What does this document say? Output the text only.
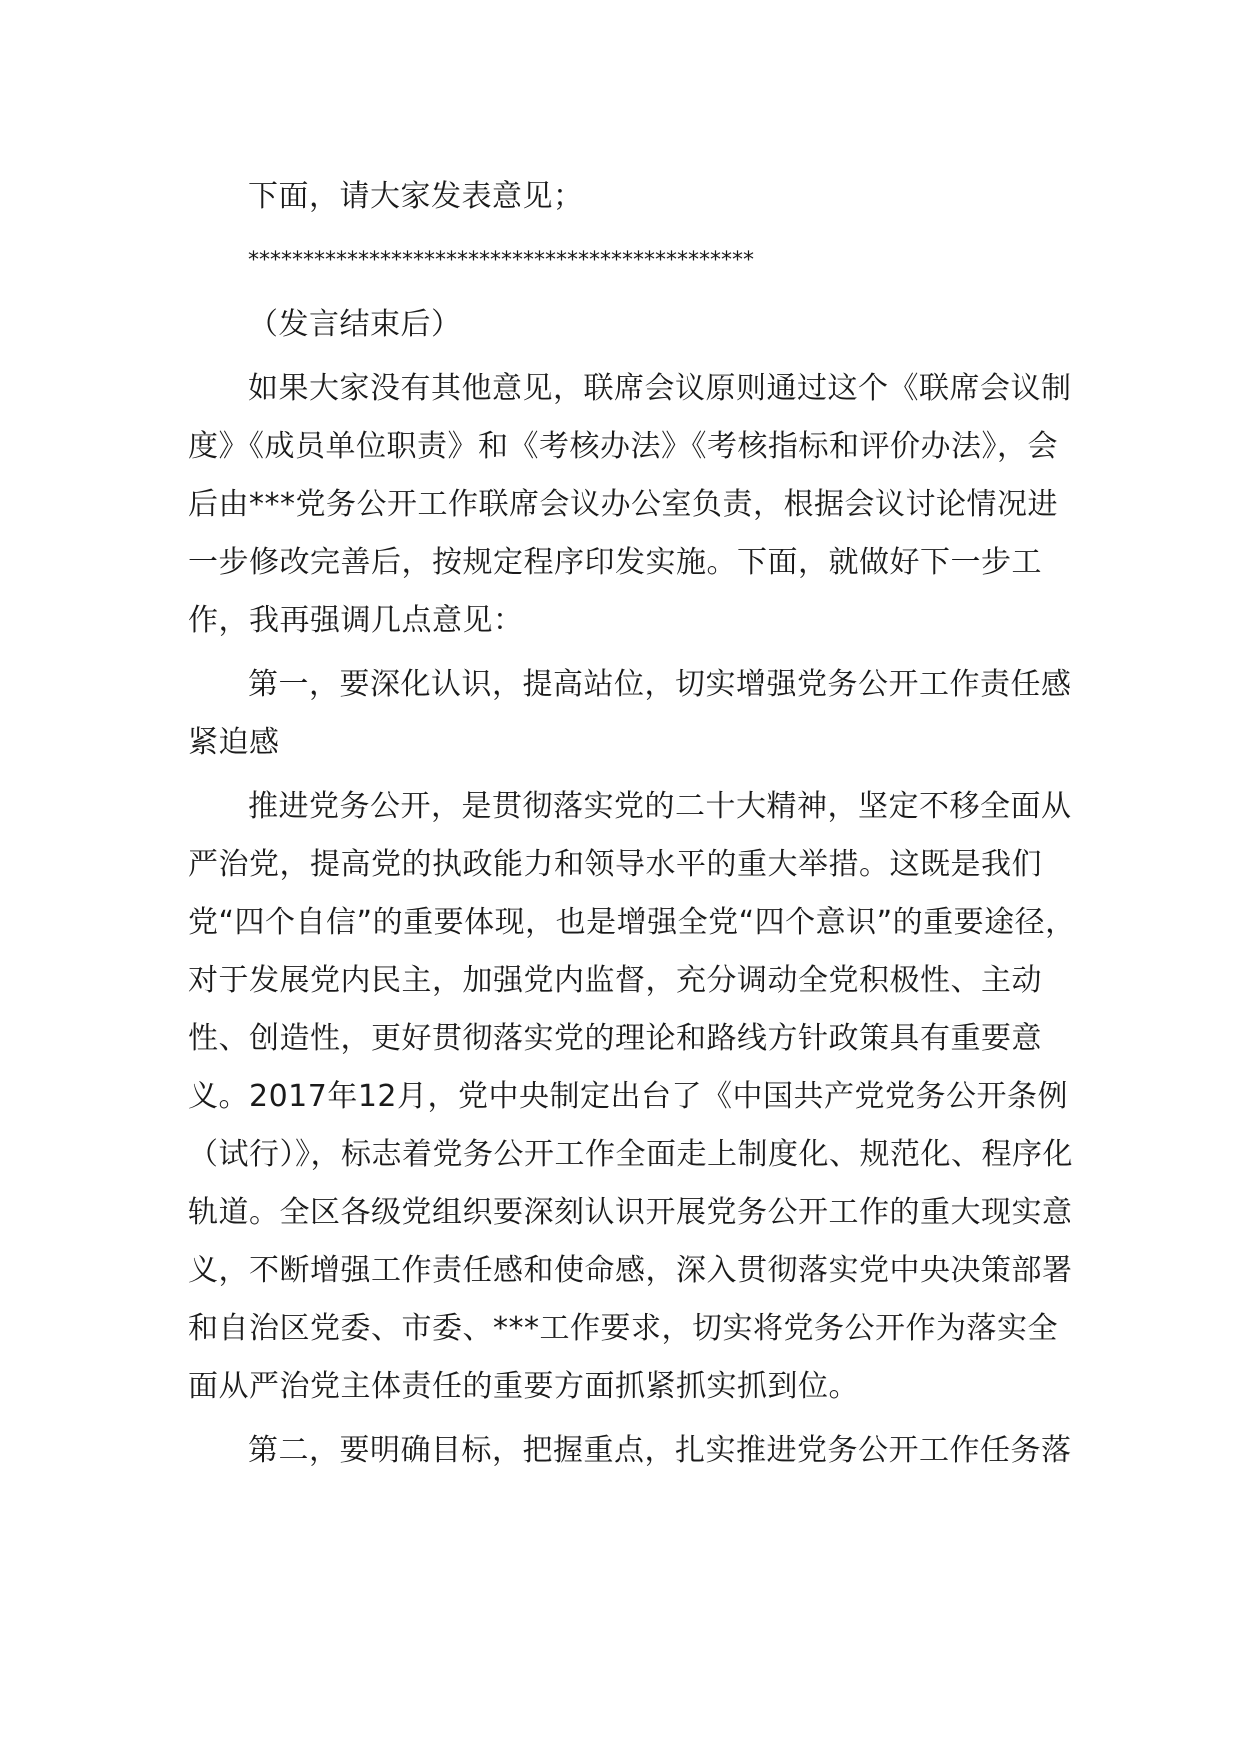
下面，请大家发表意见；

**********************************************

（发言结束后）

如果大家没有其他意见，联席会议原则通过这个《联席会议制度》《成员单位职责》和《考核办法》《考核指标和评价办法》，会后由***党务公开工作联席会议办公室负责，根据会议讨论情况进一步修改完善后，按规定程序印发实施。下面，就做好下一步工作，我再强调几点意见：

第一，要深化认识，提高站位，切实增强党务公开工作责任感紧迫感

推进党务公开，是贯彻落实党的二十大精神，坚定不移全面从严治党，提高党的执政能力和领导水平的重大举措。这既是我们党“四个自信”的重要体现，也是增强全党“四个意识”的重要途径，对于发展党内民主，加强党内监督，充分调动全党积极性、主动性、创造性，更好贯彻落实党的理论和路线方针政策具有重要意义。2017年12月，党中央制定出台了《中国共产党党务公开条例（试行）》，标志着党务公开工作全面走上制度化、规范化、程序化轨道。全区各级党组织要深刻认识开展党务公开工作的重大现实意义，不断增强工作责任感和使命感，深入贯彻落实党中央决策部署和自治区党委、市委、***工作要求，切实将党务公开作为落实全面从严治党主体责任的重要方面抓紧抓实抓到位。

第二，要明确目标，把握重点，扎实推进党务公开工作任务落
